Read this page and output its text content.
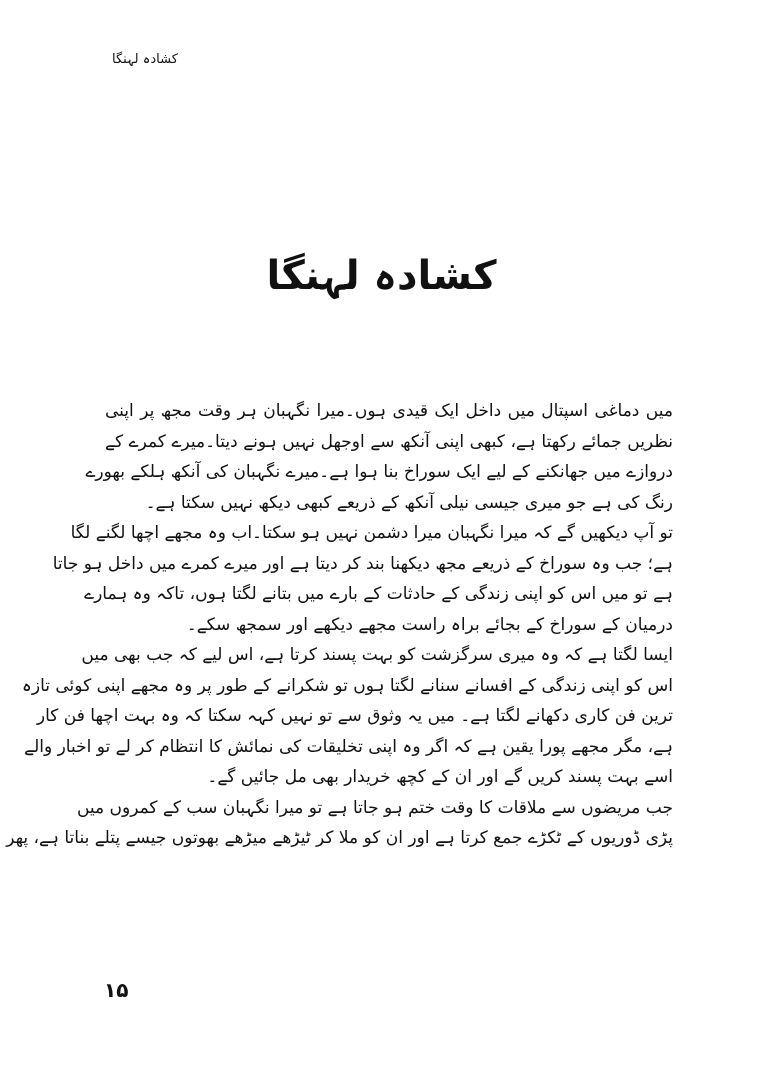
کشادہ لہنگا
کشادہ لہنگا
میں دماغی اسپتال میں داخل ایک قیدی ہوں۔میرا نگہبان ہر وقت مجھ پر اپنی
نظریں جمائے رکھتا ہے، کبھی اپنی آنکھ سے اوجھل نہیں ہونے دیتا۔میرے کمرے کے
دروازے میں جھانکنے کے لیے ایک سوراخ بنا ہوا ہے۔میرے نگہبان کی آنکھ ہلکے بھورے
رنگ کی ہے جو میری جیسی نیلی آنکھ کے ذریعے کبھی دیکھ نہیں سکتا ہے۔
تو آپ دیکھیں گے کہ میرا نگہبان میرا دشمن نہیں ہو سکتا۔اب وہ مجھے اچھا لگنے لگا
ہے؛ جب وہ سوراخ کے ذریعے مجھ دیکھنا بند کر دیتا ہے اور میرے کمرے میں داخل ہو جاتا
ہے تو میں اس کو اپنی زندگی کے حادثات کے بارے میں بتانے لگتا ہوں، تاکہ وہ ہمارے
درمیان کے سوراخ کے بجائے براہ راست مجھے دیکھے اور سمجھ سکے۔
ایسا لگتا ہے کہ وہ میری سرگزشت کو بہت پسند کرتا ہے، اس لیے کہ جب بھی میں
اس کو اپنی زندگی کے افسانے سنانے لگتا ہوں تو شکرانے کے طور پر وہ مجھے اپنی کوئی تازہ
ترین فن کاری دکھانے لگتا ہے۔ میں یہ وثوق سے تو نہیں کہہ سکتا کہ وہ بہت اچھا فن کار
ہے، مگر مجھے پورا یقین ہے کہ اگر وہ اپنی تخلیقات کی نمائش کا انتظام کر لے تو اخبار والے
اسے بہت پسند کریں گے اور ان کے کچھ خریدار بھی مل جائیں گے۔
جب مریضوں سے ملاقات کا وقت ختم ہو جاتا ہے تو میرا نگہبان سب کے کمروں میں
پڑی ڈوریوں کے ٹکڑے جمع کرتا ہے اور ان کو ملا کر ٹیڑھے میڑھے بھوتوں جیسے پتلے بناتا ہے، پھر
۱۵
